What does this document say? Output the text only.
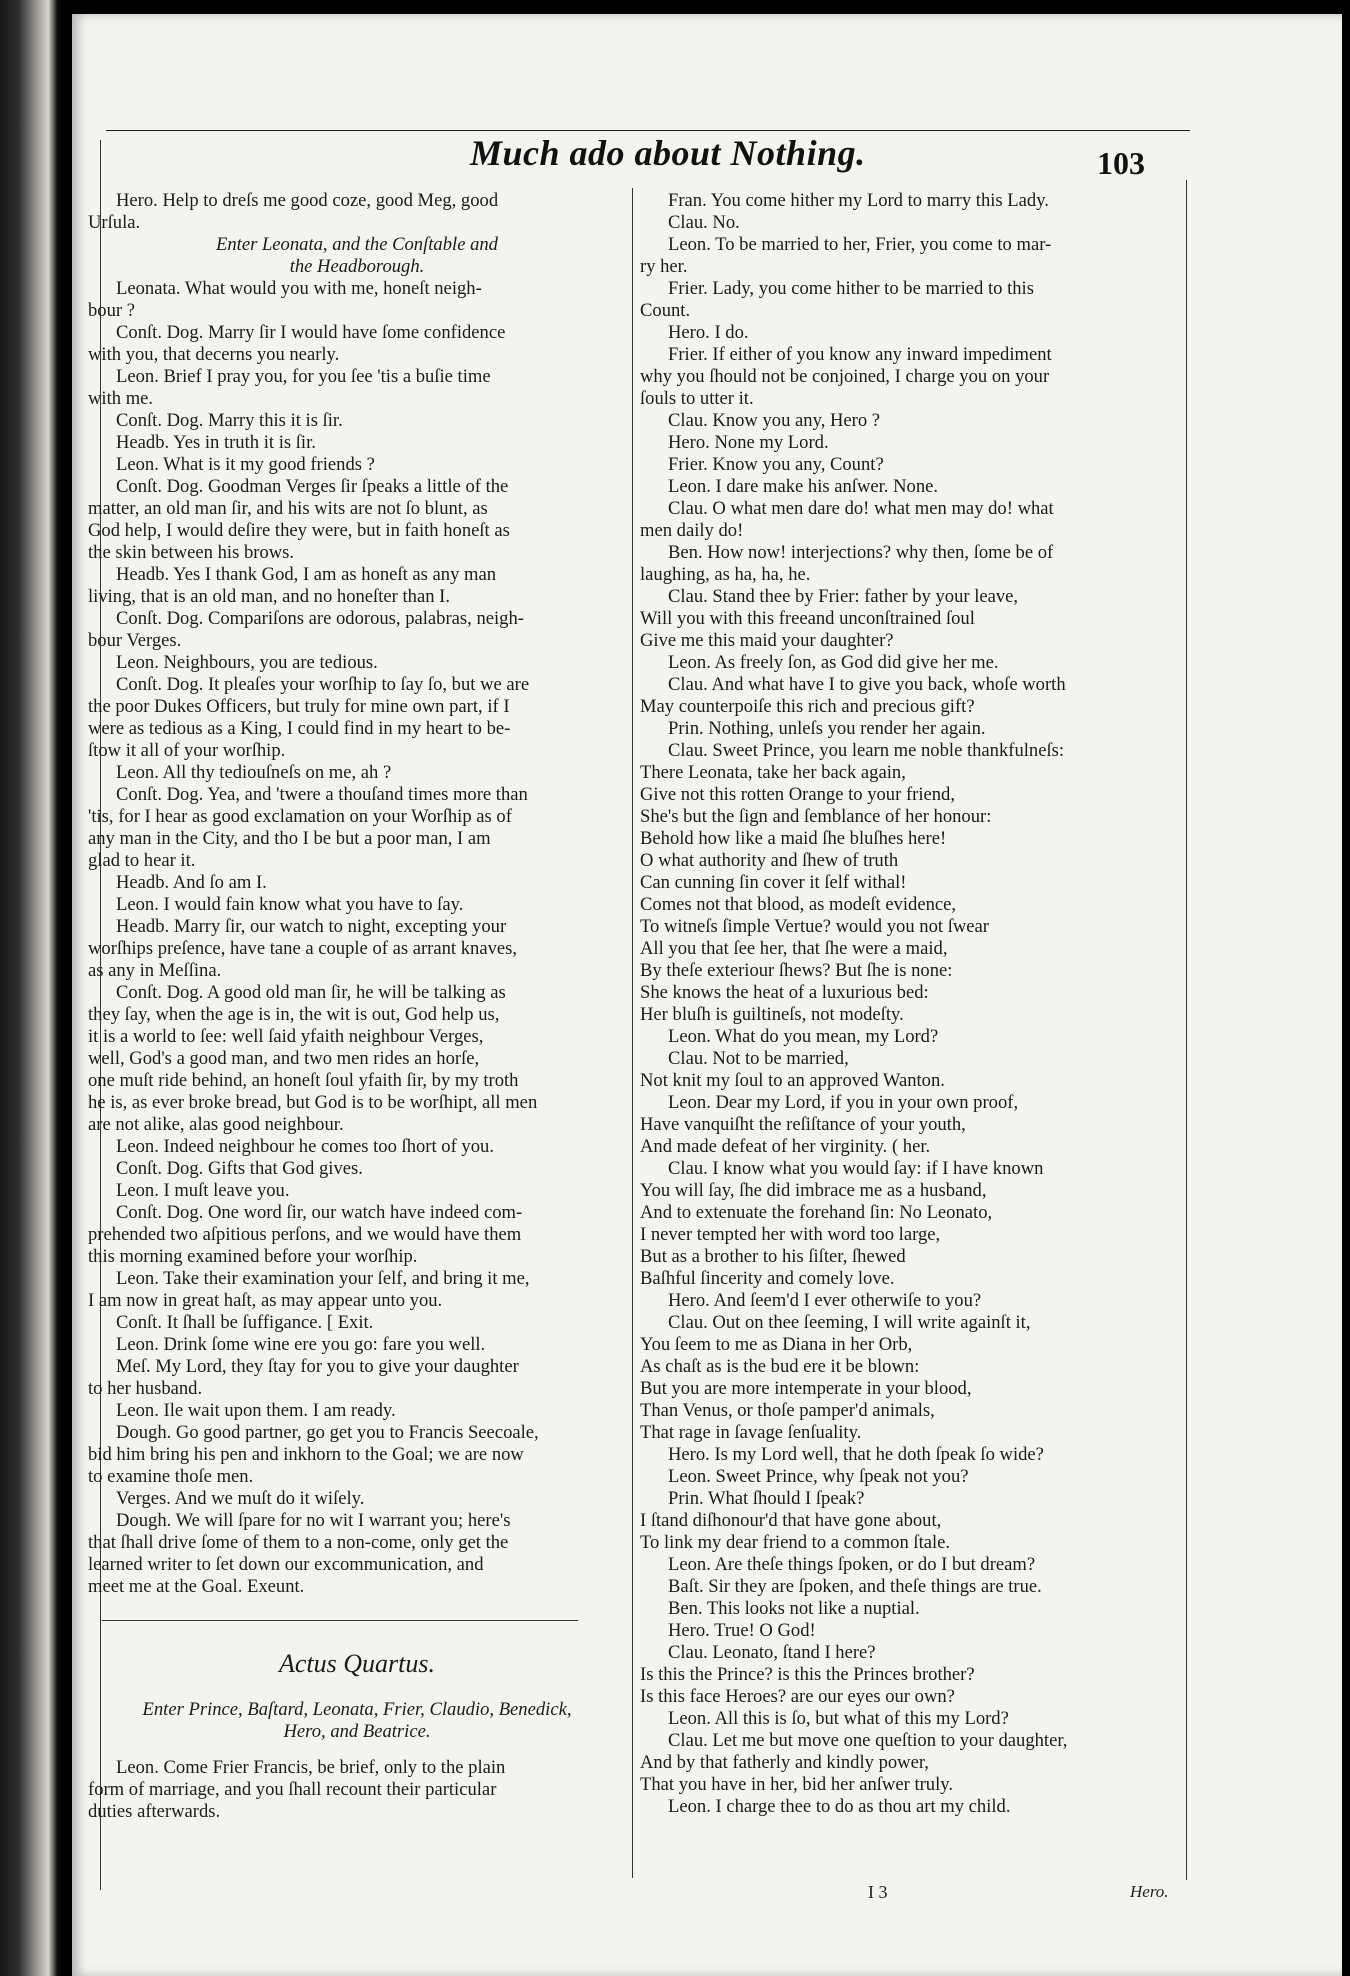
Much ado about Nothing.	103

Hero. Help to dreſs me good coze, good Meg, good

Urſula.

Enter Leonata, and the Conſtable and

the Headborough.

Leonata. What would you with me, honeſt neigh-

bour ?

Conſt. Dog. Marry ſir I would have ſome confidence

with you, that decerns you nearly.

Leon. Brief I pray you, for you ſee 'tis a buſie time

with me.

Conſt. Dog. Marry this it is ſir.

Headb. Yes in truth it is ſir.

Leon. What is it my good friends ?

Conſt. Dog. Goodman Verges ſir ſpeaks a little of the

matter, an old man ſir, and his wits are not ſo blunt, as

God help, I would deſire they were, but in faith honeſt as

the skin between his brows.

Headb. Yes I thank God, I am as honeſt as any man

living, that is an old man, and no honeſter than I.

Conſt. Dog. Compariſons are odorous, palabras, neigh-

bour Verges.

Leon. Neighbours, you are tedious.

Conſt. Dog. It pleaſes your worſhip to ſay ſo, but we are

the poor Dukes Officers, but truly for mine own part, if I

were as tedious as a King, I could find in my heart to be-

ſtow it all of your worſhip.

Leon. All thy tediouſneſs on me, ah ?

Conſt. Dog. Yea, and 'twere a thouſand times more than

'tis, for I hear as good exclamation on your Worſhip as of

any man in the City, and tho I be but a poor man, I am

glad to hear it.

Headb. And ſo am I.

Leon. I would fain know what you have to ſay.

Headb. Marry ſir, our watch to night, excepting your

worſhips preſence, have tane a couple of as arrant knaves,

as any in Meſſina.

Conſt. Dog. A good old man ſir, he will be talking as

they ſay, when the age is in, the wit is out, God help us,

it is a world to ſee: well ſaid yfaith neighbour Verges,

well, God's a good man, and two men rides an horſe,

one muſt ride behind, an honeſt ſoul yfaith ſir, by my troth

he is, as ever broke bread, but God is to be worſhipt, all men

are not alike, alas good neighbour.

Leon. Indeed neighbour he comes too ſhort of you.

Conſt. Dog. Gifts that God gives.

Leon. I muſt leave you.

Conſt. Dog. One word ſir, our watch have indeed com-

prehended two aſpitious perſons, and we would have them

this morning examined before your worſhip.

Leon. Take their examination your ſelf, and bring it me,

I am now in great haſt, as may appear unto you.

Conſt. It ſhall be ſuffigance. [ Exit.

Leon. Drink ſome wine ere you go: fare you well.

Meſ. My Lord, they ſtay for you to give your daughter

to her husband.

Leon. Ile wait upon them. I am ready.

Dough. Go good partner, go get you to Francis Seecoale,

bid him bring his pen and inkhorn to the Goal; we are now

to examine thoſe men.

Verges. And we muſt do it wiſely.

Dough. We will ſpare for no wit I warrant you; here's

that ſhall drive ſome of them to a non-come, only get the

learned writer to ſet down our excommunication, and

meet me at the Goal. Exeunt.

Actus Quartus.

Enter Prince, Baſtard, Leonata, Frier, Claudio, Benedick,

Hero, and Beatrice.

Leon. Come Frier Francis, be brief, only to the plain

form of marriage, and you ſhall recount their particular

duties afterwards.

Fran. You come hither my Lord to marry this Lady.

Clau. No.

Leon. To be married to her, Frier, you come to mar-

ry her.

Frier. Lady, you come hither to be married to this

Count.

Hero. I do.

Frier. If either of you know any inward impediment

why you ſhould not be conjoined, I charge you on your

ſouls to utter it.

Clau. Know you any, Hero ?

Hero. None my Lord.

Frier. Know you any, Count?

Leon. I dare make his anſwer. None.

Clau. O what men dare do! what men may do! what

men daily do!

Ben. How now! interjections? why then, ſome be of

laughing, as ha, ha, he.

Clau. Stand thee by Frier: father by your leave,

Will you with this freeand unconſtrained ſoul

Give me this maid your daughter?

Leon. As freely ſon, as God did give her me.

Clau. And what have I to give you back, whoſe worth

May counterpoiſe this rich and precious gift?

Prin. Nothing, unleſs you render her again.

Clau. Sweet Prince, you learn me noble thankfulneſs:

There Leonata, take her back again,

Give not this rotten Orange to your friend,

She's but the ſign and ſemblance of her honour:

Behold how like a maid ſhe bluſhes here!

O what authority and ſhew of truth

Can cunning ſin cover it ſelf withal!

Comes not that blood, as modeſt evidence,

To witneſs ſimple Vertue? would you not ſwear

All you that ſee her, that ſhe were a maid,

By theſe exteriour ſhews? But ſhe is none:

She knows the heat of a luxurious bed:

Her bluſh is guiltineſs, not modeſty.

Leon. What do you mean, my Lord?

Clau. Not to be married,

Not knit my ſoul to an approved Wanton.

Leon. Dear my Lord, if you in your own proof,

Have vanquiſht the reſiſtance of your youth,

And made defeat of her virginity. ( her.

Clau. I know what you would ſay: if I have known

You will ſay, ſhe did imbrace me as a husband,

And to extenuate the forehand ſin: No Leonato,

I never tempted her with word too large,

But as a brother to his ſiſter, ſhewed

Baſhful ſincerity and comely love.

Hero. And ſeem'd I ever otherwiſe to you?

Clau. Out on thee ſeeming, I will write againſt it,

You ſeem to me as Diana in her Orb,

As chaſt as is the bud ere it be blown:

But you are more intemperate in your blood,

Than Venus, or thoſe pamper'd animals,

That rage in ſavage ſenſuality.

Hero. Is my Lord well, that he doth ſpeak ſo wide?

Leon. Sweet Prince, why ſpeak not you?

Prin. What ſhould I ſpeak?

I ſtand diſhonour'd that have gone about,

To link my dear friend to a common ſtale.

Leon. Are theſe things ſpoken, or do I but dream?

Baſt. Sir they are ſpoken, and theſe things are true.

Ben. This looks not like a nuptial.

Hero. True! O God!

Clau. Leonato, ſtand I here?

Is this the Prince? is this the Princes brother?

Is this face Heroes? are our eyes our own?

Leon. All this is ſo, but what of this my Lord?

Clau. Let me but move one queſtion to your daughter,

And by that fatherly and kindly power,

That you have in her, bid her anſwer truly.

Leon. I charge thee to do as thou art my child.

I 3	Hero.
